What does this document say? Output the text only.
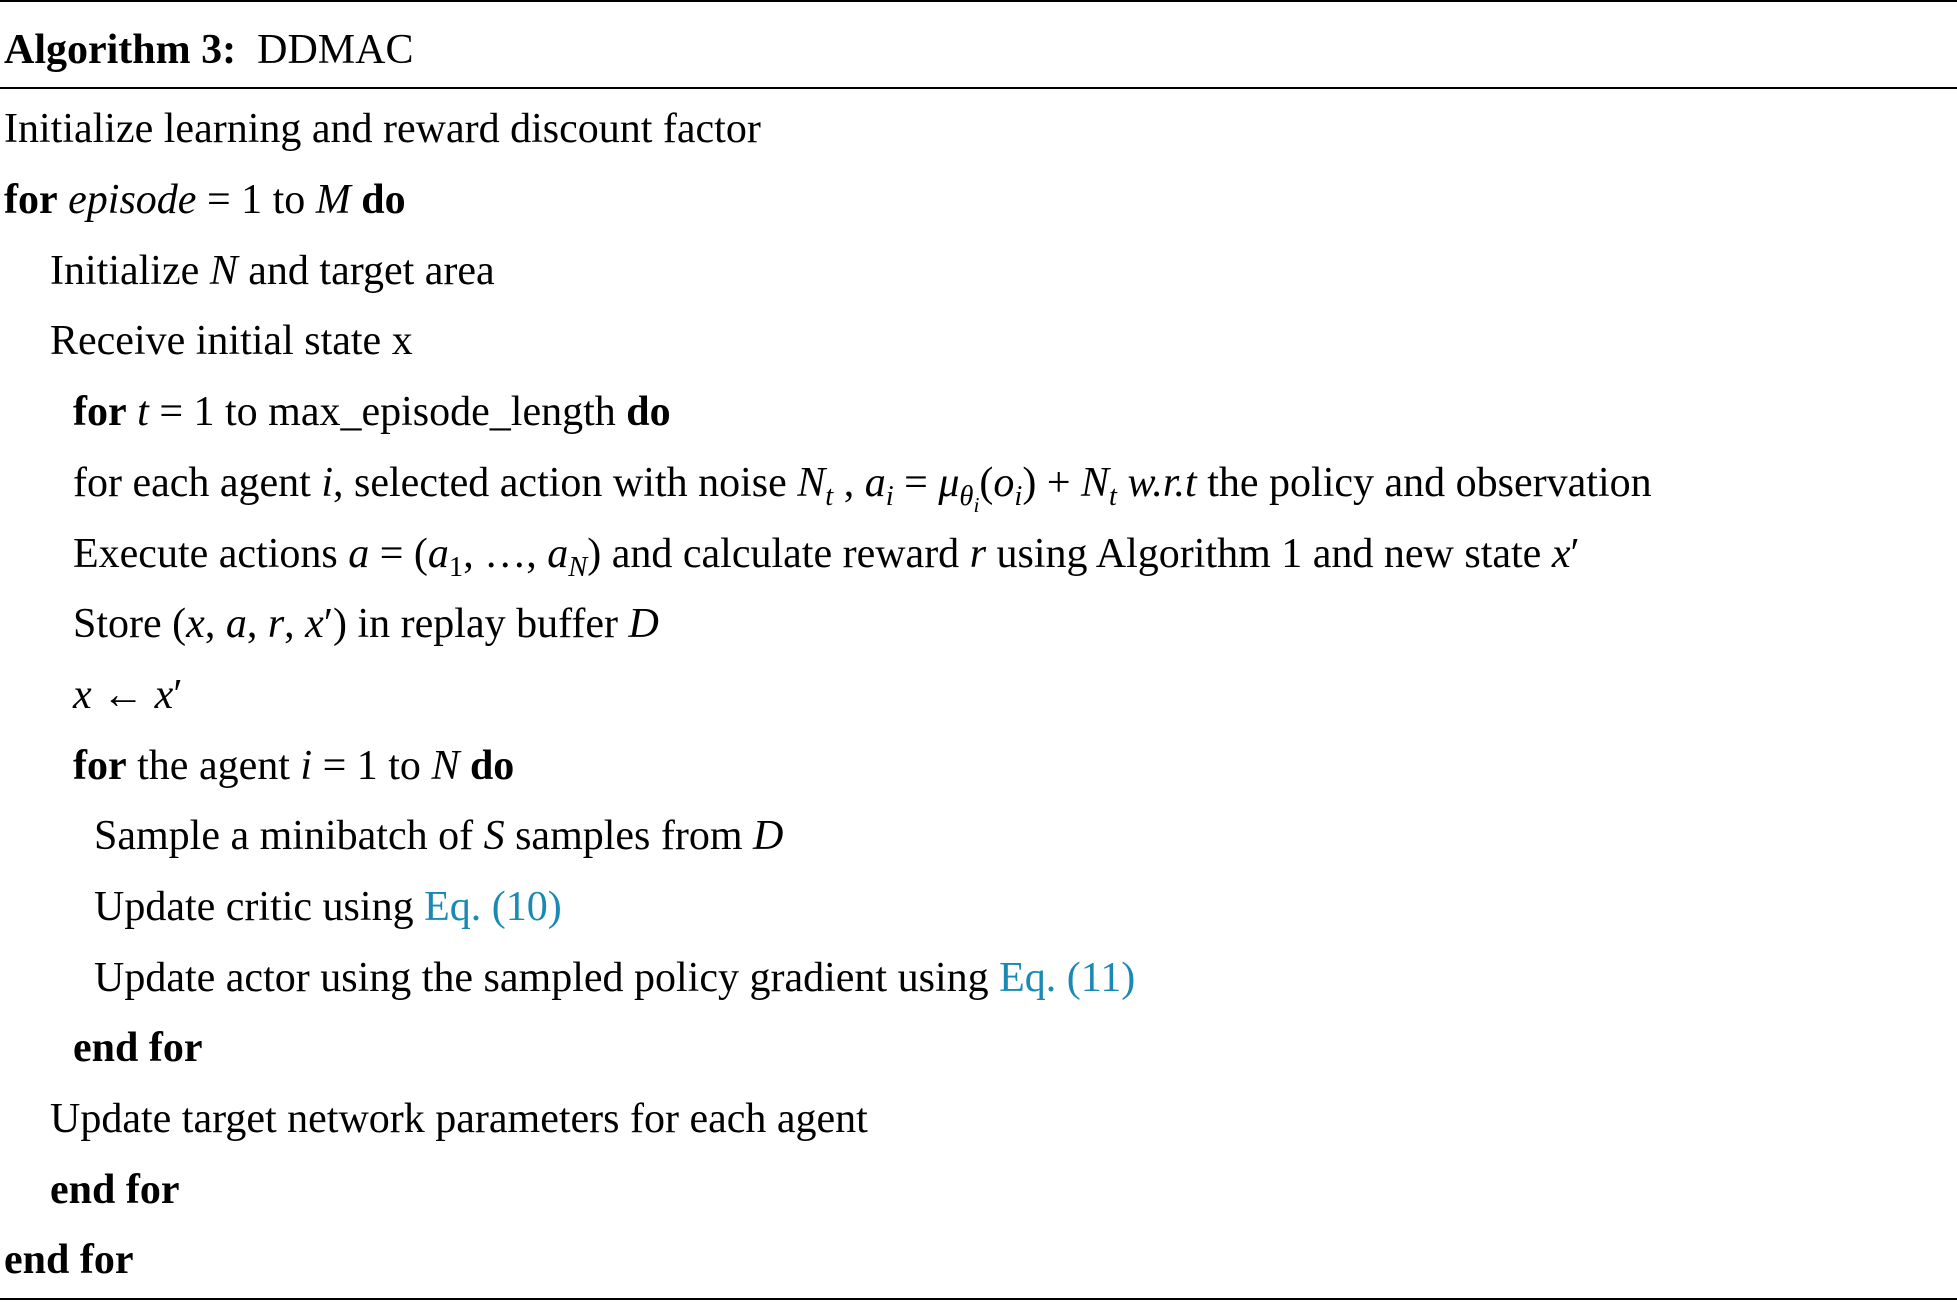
Algorithm 3: DDMAC
Initialize learning and reward discount factor
for episode = 1 to M do
Initialize N and target area
Receive initial state x
for t = 1 to max_episode_length do
for each agent i, selected action with noise $N_t$ , $a_i = \mu_{\theta_i}(o_i) + N_t$ w.r.t the policy and observation
Execute actions $a = (a_1$, …, $a_N$) and calculate reward r using Algorithm 1 and new state x′
Store (x, a, r, x′) in replay buffer D
x ← x′
for the agent i = 1 to N do
Sample a minibatch of S samples from D
Update critic using Eq. (10)
Update actor using the sampled policy gradient using Eq. (11)
end for
Update target network parameters for each agent
end for
end for
